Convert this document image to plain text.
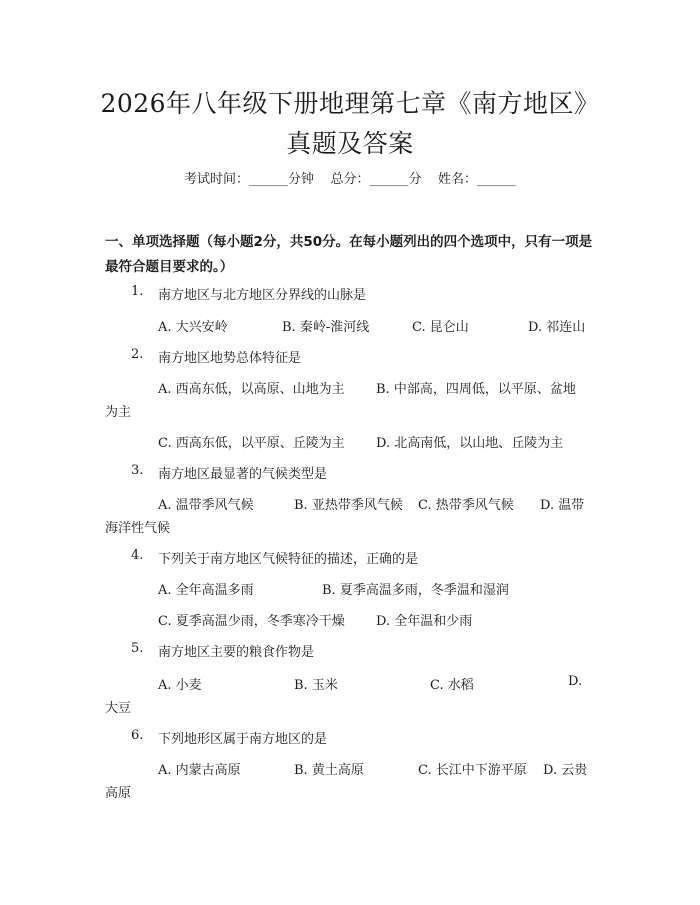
2026年八年级下册地理第七章《南方地区》
真题及答案
考试时间：______分钟    总分：______分    姓名：______
一、单项选择题（每小题2分，共50分。在每小题列出的四个选项中，只有一项是最符合题目要求的。）
1. 南方地区与北方地区分界线的山脉是
A. 大兴安岭	B. 秦岭-淮河线	C. 昆仑山	D. 祁连山
2. 南方地区地势总体特征是
A. 西高东低，以高原、山地为主 B. 中部高，四周低，以平原、盆地
为主
C. 西高东低，以平原、丘陵为主 D. 北高南低，以山地、丘陵为主
3. 南方地区最显著的气候类型是
A. 温带季风气候	B. 亚热带季风气候 C. 热带季风气候 D. 温带
海洋性气候
4. 下列关于南方地区气候特征的描述，正确的是
A. 全年高温多雨	B. 夏季高温多雨，冬季温和湿润
C. 夏季高温少雨，冬季寒冷干燥 D. 全年温和少雨
5. 南方地区主要的粮食作物是
A. 小麦	B. 玉米	C. 水稻	D.
大豆
6. 下列地形区属于南方地区的是
A. 内蒙古高原	B. 黄土高原	C. 长江中下游平原 D. 云贵
高原
